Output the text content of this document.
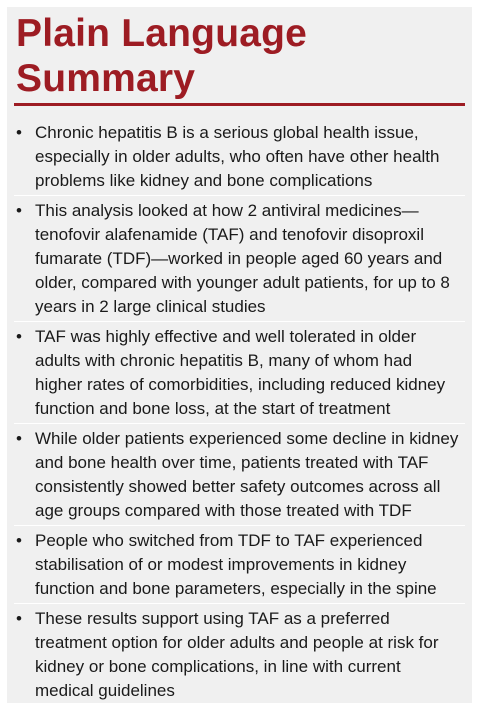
Plain Language
Summary
• Chronic hepatitis B is a serious global health issue, especially in older adults, who often have other health problems like kidney and bone complications
• This analysis looked at how 2 antiviral medicines—tenofovir alafenamide (TAF) and tenofovir disoproxil fumarate (TDF)—worked in people aged 60 years and older, compared with younger adult patients, for up to 8 years in 2 large clinical studies
• TAF was highly effective and well tolerated in older adults with chronic hepatitis B, many of whom had higher rates of comorbidities, including reduced kidney function and bone loss, at the start of treatment
• While older patients experienced some decline in kidney and bone health over time, patients treated with TAF consistently showed better safety outcomes across all age groups compared with those treated with TDF
• People who switched from TDF to TAF experienced stabilisation of or modest improvements in kidney function and bone parameters, especially in the spine
• These results support using TAF as a preferred treatment option for older adults and people at risk for kidney or bone complications, in line with current medical guidelines
